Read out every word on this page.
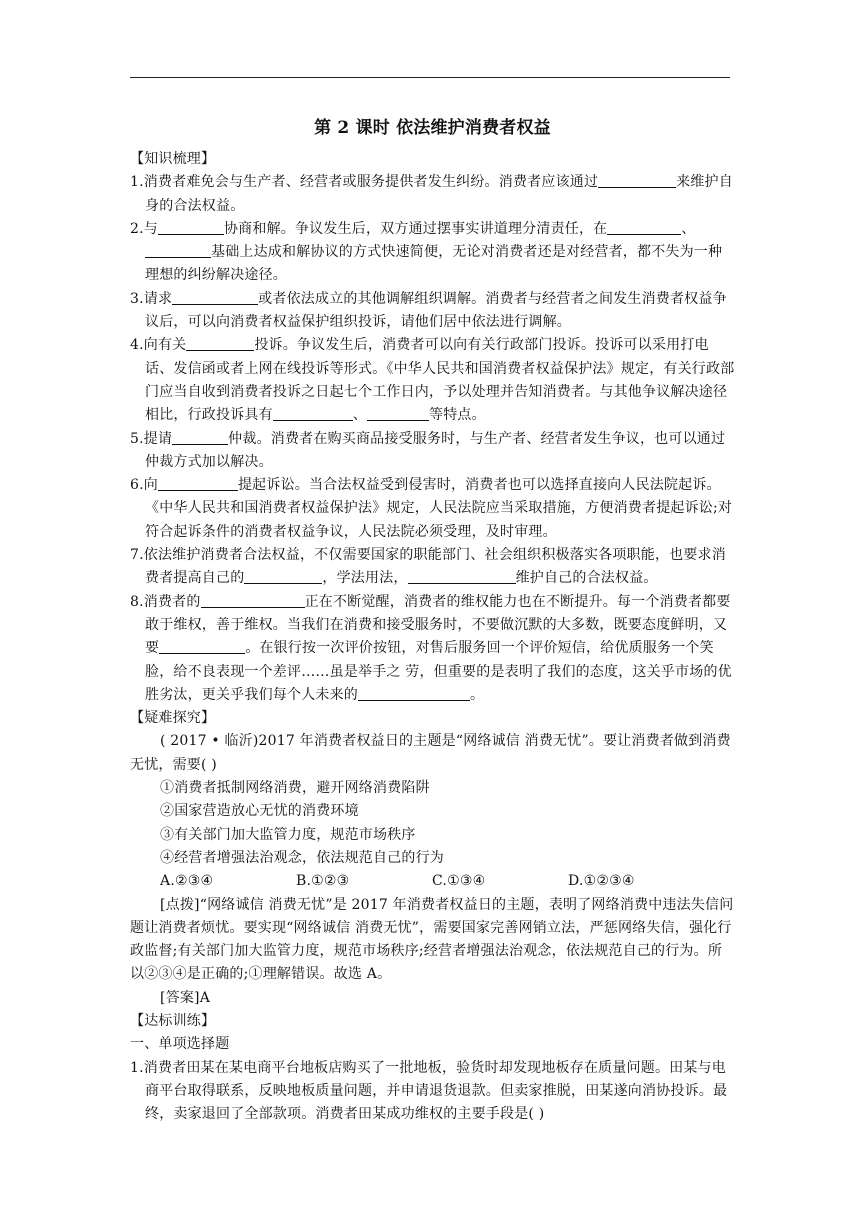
第 2 课时 依法维护消费者权益

【知识梳理】

1.消费者难免会与生产者、经营者或服务提供者发生纠纷。消费者应该通过	来维护自身的合法权益。

2.与	协商和解。争议发生后，双方通过摆事实讲道理分清责任，在	、基础上达成和解协议的方式快速简便，无论对消费者还是对经营者，都不失为一种理想的纠纷解决途径。

3.请求	或者依法成立的其他调解组织调解。消费者与经营者之间发生消费者权益争议后，可以向消费者权益保护组织投诉，请他们居中依法进行调解。

4.向有关	投诉。争议发生后，消费者可以向有关行政部门投诉。投诉可以采用打电话、发信函或者上网在线投诉等形式。《中华人民共和国消费者权益保护法》规定，有关行政部门应当自收到消费者投诉之日起七个工作日内，予以处理并告知消费者。与其他争议解决途径相比，行政投诉具有	、	等特点。

5.提请	仲裁。消费者在购买商品接受服务时，与生产者、经营者发生争议，也可以通过仲裁方式加以解决。

6.向	提起诉讼。当合法权益受到侵害时，消费者也可以选择直接向人民法院起诉。《中华人民共和国消费者权益保护法》规定，人民法院应当采取措施，方便消费者提起诉讼;对符合起诉条件的消费者权益争议，人民法院必须受理，及时审理。

7.依法维护消费者合法权益，不仅需要国家的职能部门、社会组织积极落实各项职能，也要求消费者提高自己的	，学法用法，	维护自己的合法权益。

8.消费者的	正在不断觉醒，消费者的维权能力也在不断提升。每一个消费者都要敢于维权，善于维权。当我们在消费和接受服务时，不要做沉默的大多数，既要态度鲜明，又要	。在银行按一次评价按钮，对售后服务回一个评价短信，给优质服务一个笑脸，给不良表现一个差评……虽是举手之 劳，但重要的是表明了我们的态度，这关乎市场的优胜劣汰，更关乎我们每个人未来的	。

【疑难探究】

( 2017 • 临沂)2017 年消费者权益日的主题是“网络诚信 消费无忧”。要让消费者做到消费无忧，需要( )

①消费者抵制网络消费，避开网络消费陷阱

②国家营造放心无忧的消费环境

③有关部门加大监管力度，规范市场秩序

④经营者增强法治观念，依法规范自己的行为

A.②③④	B.①②③	C.①③④	D.①②③④

[点拨]“网络诚信 消费无忧”是 2017 年消费者权益日的主题，表明了网络消费中违法失信问题让消费者烦忧。要实现“网络诚信 消费无忧”，需要国家完善网销立法，严惩网络失信，强化行政监督;有关部门加大监管力度，规范市场秩序;经营者增强法治观念，依法规范自己的行为。所以②③④是正确的;①理解错误。故选 A。

[答案]A

【达标训练】

一、单项选择题

1.消费者田某在某电商平台地板店购买了一批地板，验货时却发现地板存在质量问题。田某与电商平台取得联系，反映地板质量问题，并申请退货退款。但卖家推脱，田某遂向消协投诉。最终，卖家退回了全部款项。消费者田某成功维权的主要手段是( )
